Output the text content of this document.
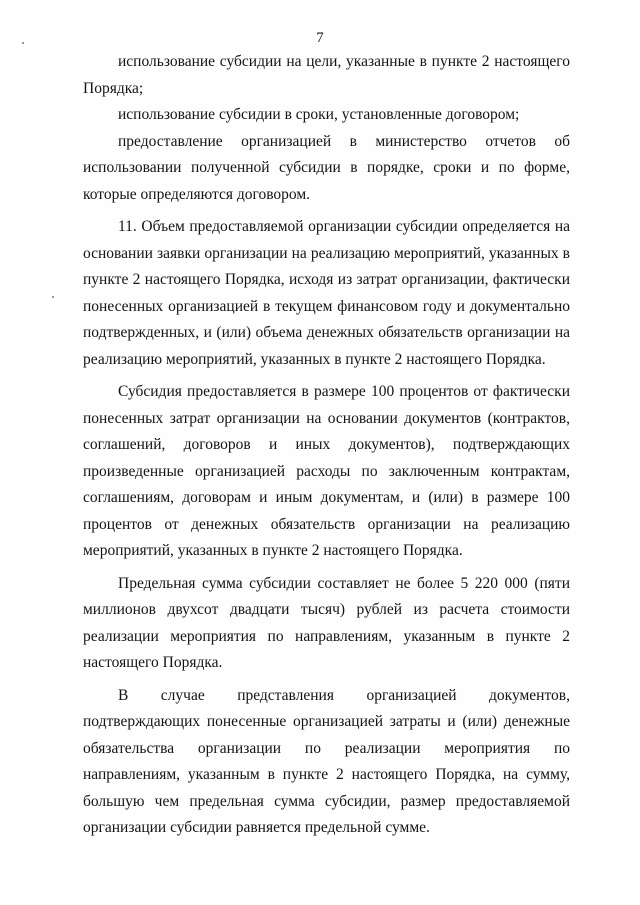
7

использование субсидии на цели, указанные в пункте 2 настоящего Порядка;

использование субсидии в сроки, установленные договором;

предоставление организацией в министерство отчетов об использовании полученной субсидии в порядке, сроки и по форме, которые определяются договором.

11. Объем предоставляемой организации субсидии определяется на основании заявки организации на реализацию мероприятий, указанных в пункте 2 настоящего Порядка, исходя из затрат организации, фактически понесенных организацией в текущем финансовом году и документально подтвержденных, и (или) объема денежных обязательств организации на реализацию мероприятий, указанных в пункте 2 настоящего Порядка.

Субсидия предоставляется в размере 100 процентов от фактически понесенных затрат организации на основании документов (контрактов, соглашений, договоров и иных документов), подтверждающих произведенные организацией расходы по заключенным контрактам, соглашениям, договорам и иным документам, и (или) в размере 100 процентов от денежных обязательств организации на реализацию мероприятий, указанных в пункте 2 настоящего Порядка.

Предельная сумма субсидии составляет не более 5 220 000 (пяти миллионов двухсот двадцати тысяч) рублей из расчета стоимости реализации мероприятия по направлениям, указанным в пункте 2 настоящего Порядка.

В случае представления организацией документов, подтверждающих понесенные организацией затраты и (или) денежные обязательства организации по реализации мероприятия по направлениям, указанным в пункте 2 настоящего Порядка, на сумму, большую чем предельная сумма субсидии, размер предоставляемой организации субсидии равняется предельной сумме.
